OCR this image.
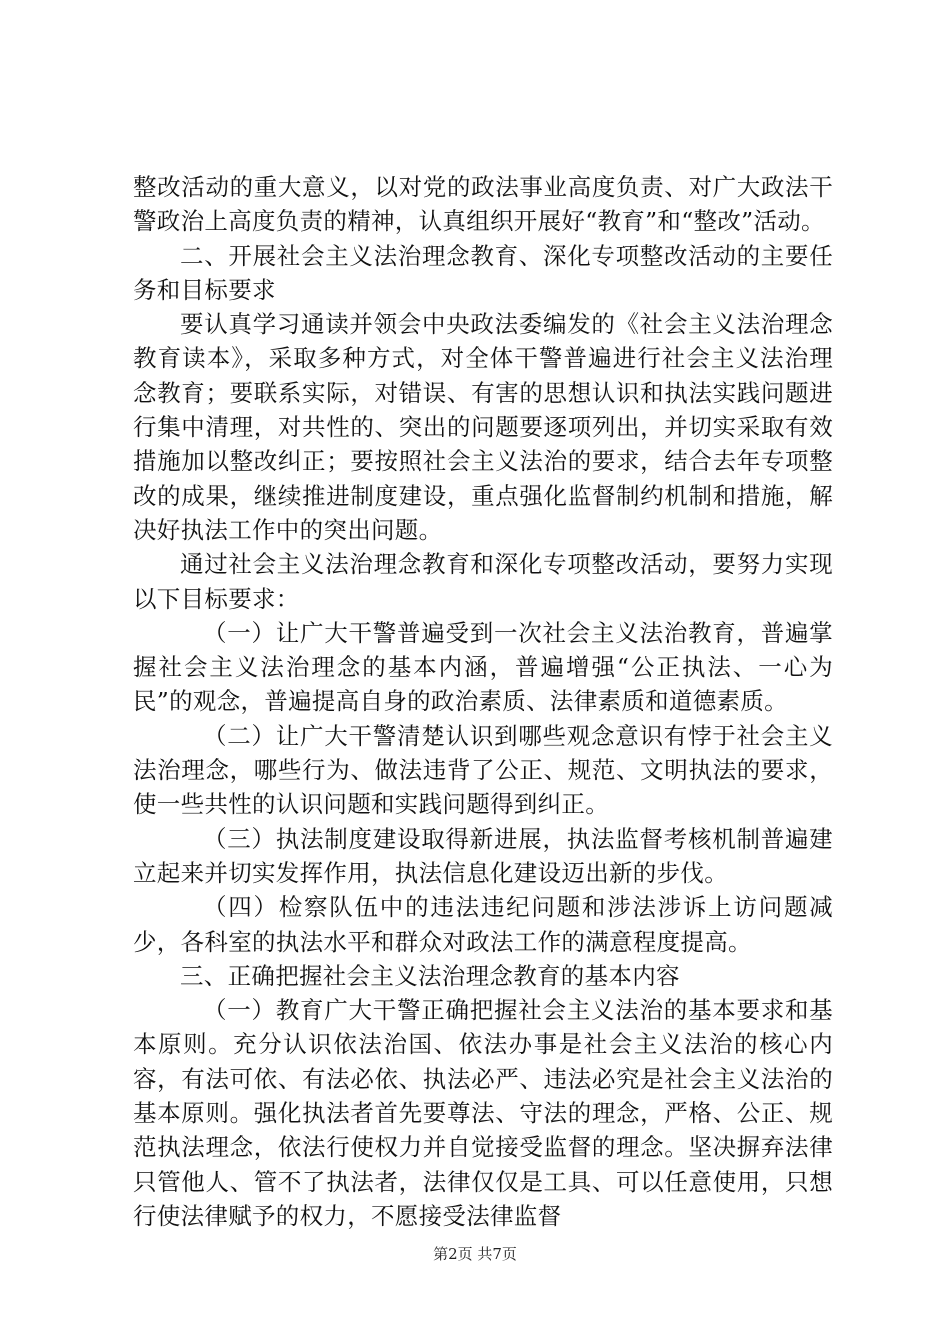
整改活动的重大意义，以对党的政法事业高度负责、对广大政法干警政治上高度负责的精神，认真组织开展好“教育”和“整改”活动。

二、开展社会主义法治理念教育、深化专项整改活动的主要任务和目标要求

要认真学习通读并领会中央政法委编发的《社会主义法治理念教育读本》，采取多种方式，对全体干警普遍进行社会主义法治理念教育；要联系实际，对错误、有害的思想认识和执法实践问题进行集中清理，对共性的、突出的问题要逐项列出，并切实采取有效措施加以整改纠正；要按照社会主义法治的要求，结合去年专项整改的成果，继续推进制度建设，重点强化监督制约机制和措施，解决好执法工作中的突出问题。

通过社会主义法治理念教育和深化专项整改活动，要努力实现以下目标要求：

（一）让广大干警普遍受到一次社会主义法治教育，普遍掌握社会主义法治理念的基本内涵，普遍增强“公正执法、一心为民”的观念，普遍提高自身的政治素质、法律素质和道德素质。

（二）让广大干警清楚认识到哪些观念意识有悖于社会主义法治理念，哪些行为、做法违背了公正、规范、文明执法的要求，使一些共性的认识问题和实践问题得到纠正。

（三）执法制度建设取得新进展，执法监督考核机制普遍建立起来并切实发挥作用，执法信息化建设迈出新的步伐。

（四）检察队伍中的违法违纪问题和涉法涉诉上访问题减少，各科室的执法水平和群众对政法工作的满意程度提高。

三、正确把握社会主义法治理念教育的基本内容

（一）教育广大干警正确把握社会主义法治的基本要求和基本原则。充分认识依法治国、依法办事是社会主义法治的核心内容，有法可依、有法必依、执法必严、违法必究是社会主义法治的基本原则。强化执法者首先要尊法、守法的理念，严格、公正、规范执法理念，依法行使权力并自觉接受监督的理念。坚决摒弃法律只管他人、管不了执法者，法律仅仅是工具、可以任意使用，只想行使法律赋予的权力，不愿接受法律监督

第2页 共7页
